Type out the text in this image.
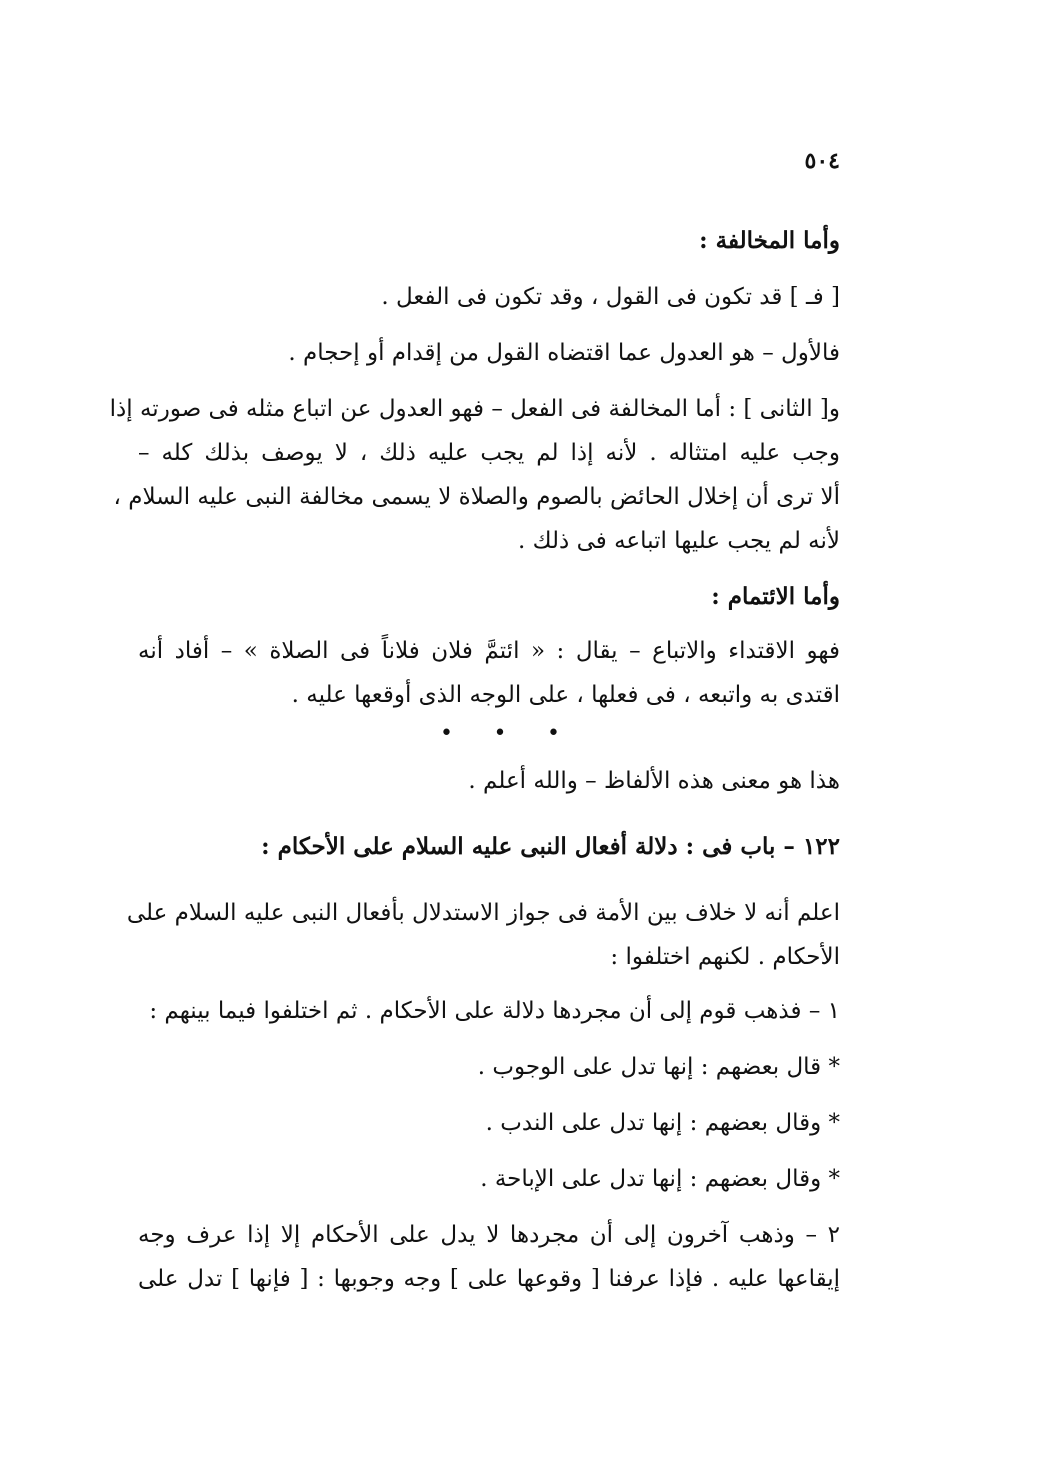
٥٠٤
وأما المخالفة :
[ فـ ] قد تكون فى القول ، وقد تكون فى الفعل .
فالأول – هو العدول عما اقتضاه القول من إقدام أو إحجام .
و[ الثانى ] : أما المخالفة فى الفعل – فهو العدول عن اتباع مثله فى صورته إذا
وجب عليه امتثاله . لأنه إذا لم يجب عليه ذلك ، لا يوصف بذلك كله –
ألا ترى أن إخلال الحائض بالصوم والصلاة لا يسمى مخالفة النبى عليه السلام ،
لأنه لم يجب عليها اتباعه فى ذلك .
وأما الائتمام :
فهو الاقتداء والاتباع – يقال : « ائتمَّ فلان فلاناً فى الصلاة » – أفاد أنه
اقتدى به واتبعه ، فى فعلها ، على الوجه الذى أوقعها عليه .
• • •
هذا هو معنى هذه الألفاظ – والله أعلم .
١٢٢ – باب فى : دلالة أفعال النبى عليه السلام على الأحكام :
اعلم أنه لا خلاف بين الأمة فى جواز الاستدلال بأفعال النبى عليه السلام على
الأحكام . لكنهم اختلفوا :
١ – فذهب قوم إلى أن مجردها دلالة على الأحكام . ثم اختلفوا فيما بينهم :
* قال بعضهم : إنها تدل على الوجوب .
* وقال بعضهم : إنها تدل على الندب .
* وقال بعضهم : إنها تدل على الإباحة .
٢ – وذهب آخرون إلى أن مجردها لا يدل على الأحكام إلا إذا عرف وجه
إيقاعها عليه . فإذا عرفنا [ وقوعها على ] وجه وجوبها : [ فإنها ] تدل على
